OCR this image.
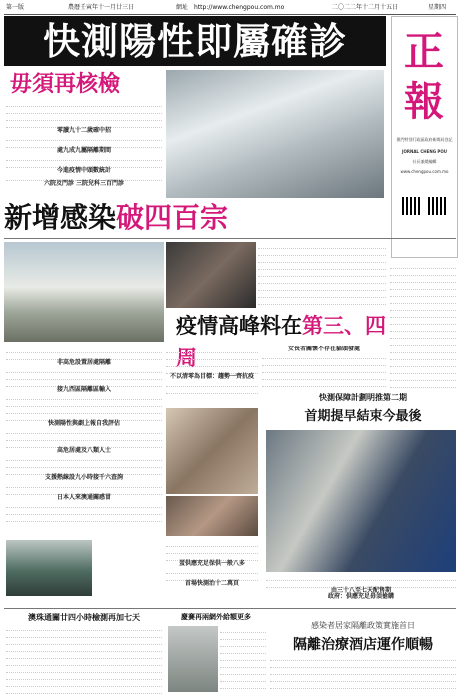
第一版	農曆壬寅年十一月廿三日	網址 http://www.chengpou.com.mo	二〇二二年十二月十五日	星期四
快測陽性即屬確診	正
報
澳門特別行政區政府新聞局登記
JORNAL CHENG POU
社長兼總編輯
www.chengpou.com.mo
毋須再核檢
零讀九十二歲確中招
處九成九屬隔離期間
今進疫情中頭數統計
六院及門診 三院兒科三百門診
新增感染破四百宗
疫情高峰料在第三、四周
非高危設置居處隔離
接九西區隔離區輸入
快測陽性與劇上報自我評估
高危居處及八類人士
支援熱線設九小時接千六查詢
日本人來澳通關感冒
不以清零為目標：趨勢一齊抗疫
蛋供應充足保供一般八多
首場快測治十二萬頁
女長者關懷不存在貓頭發處
快測保障計劃明推第二期
首期提早結束今最後
由三十八至七天配售期
政府：供應充足毋須搶購
澳珠通關廿四小時檢測再加七天	慶賽再兩網外給額更多
感染者居家隔離政策實施首日
隔離治療酒店運作順暢
